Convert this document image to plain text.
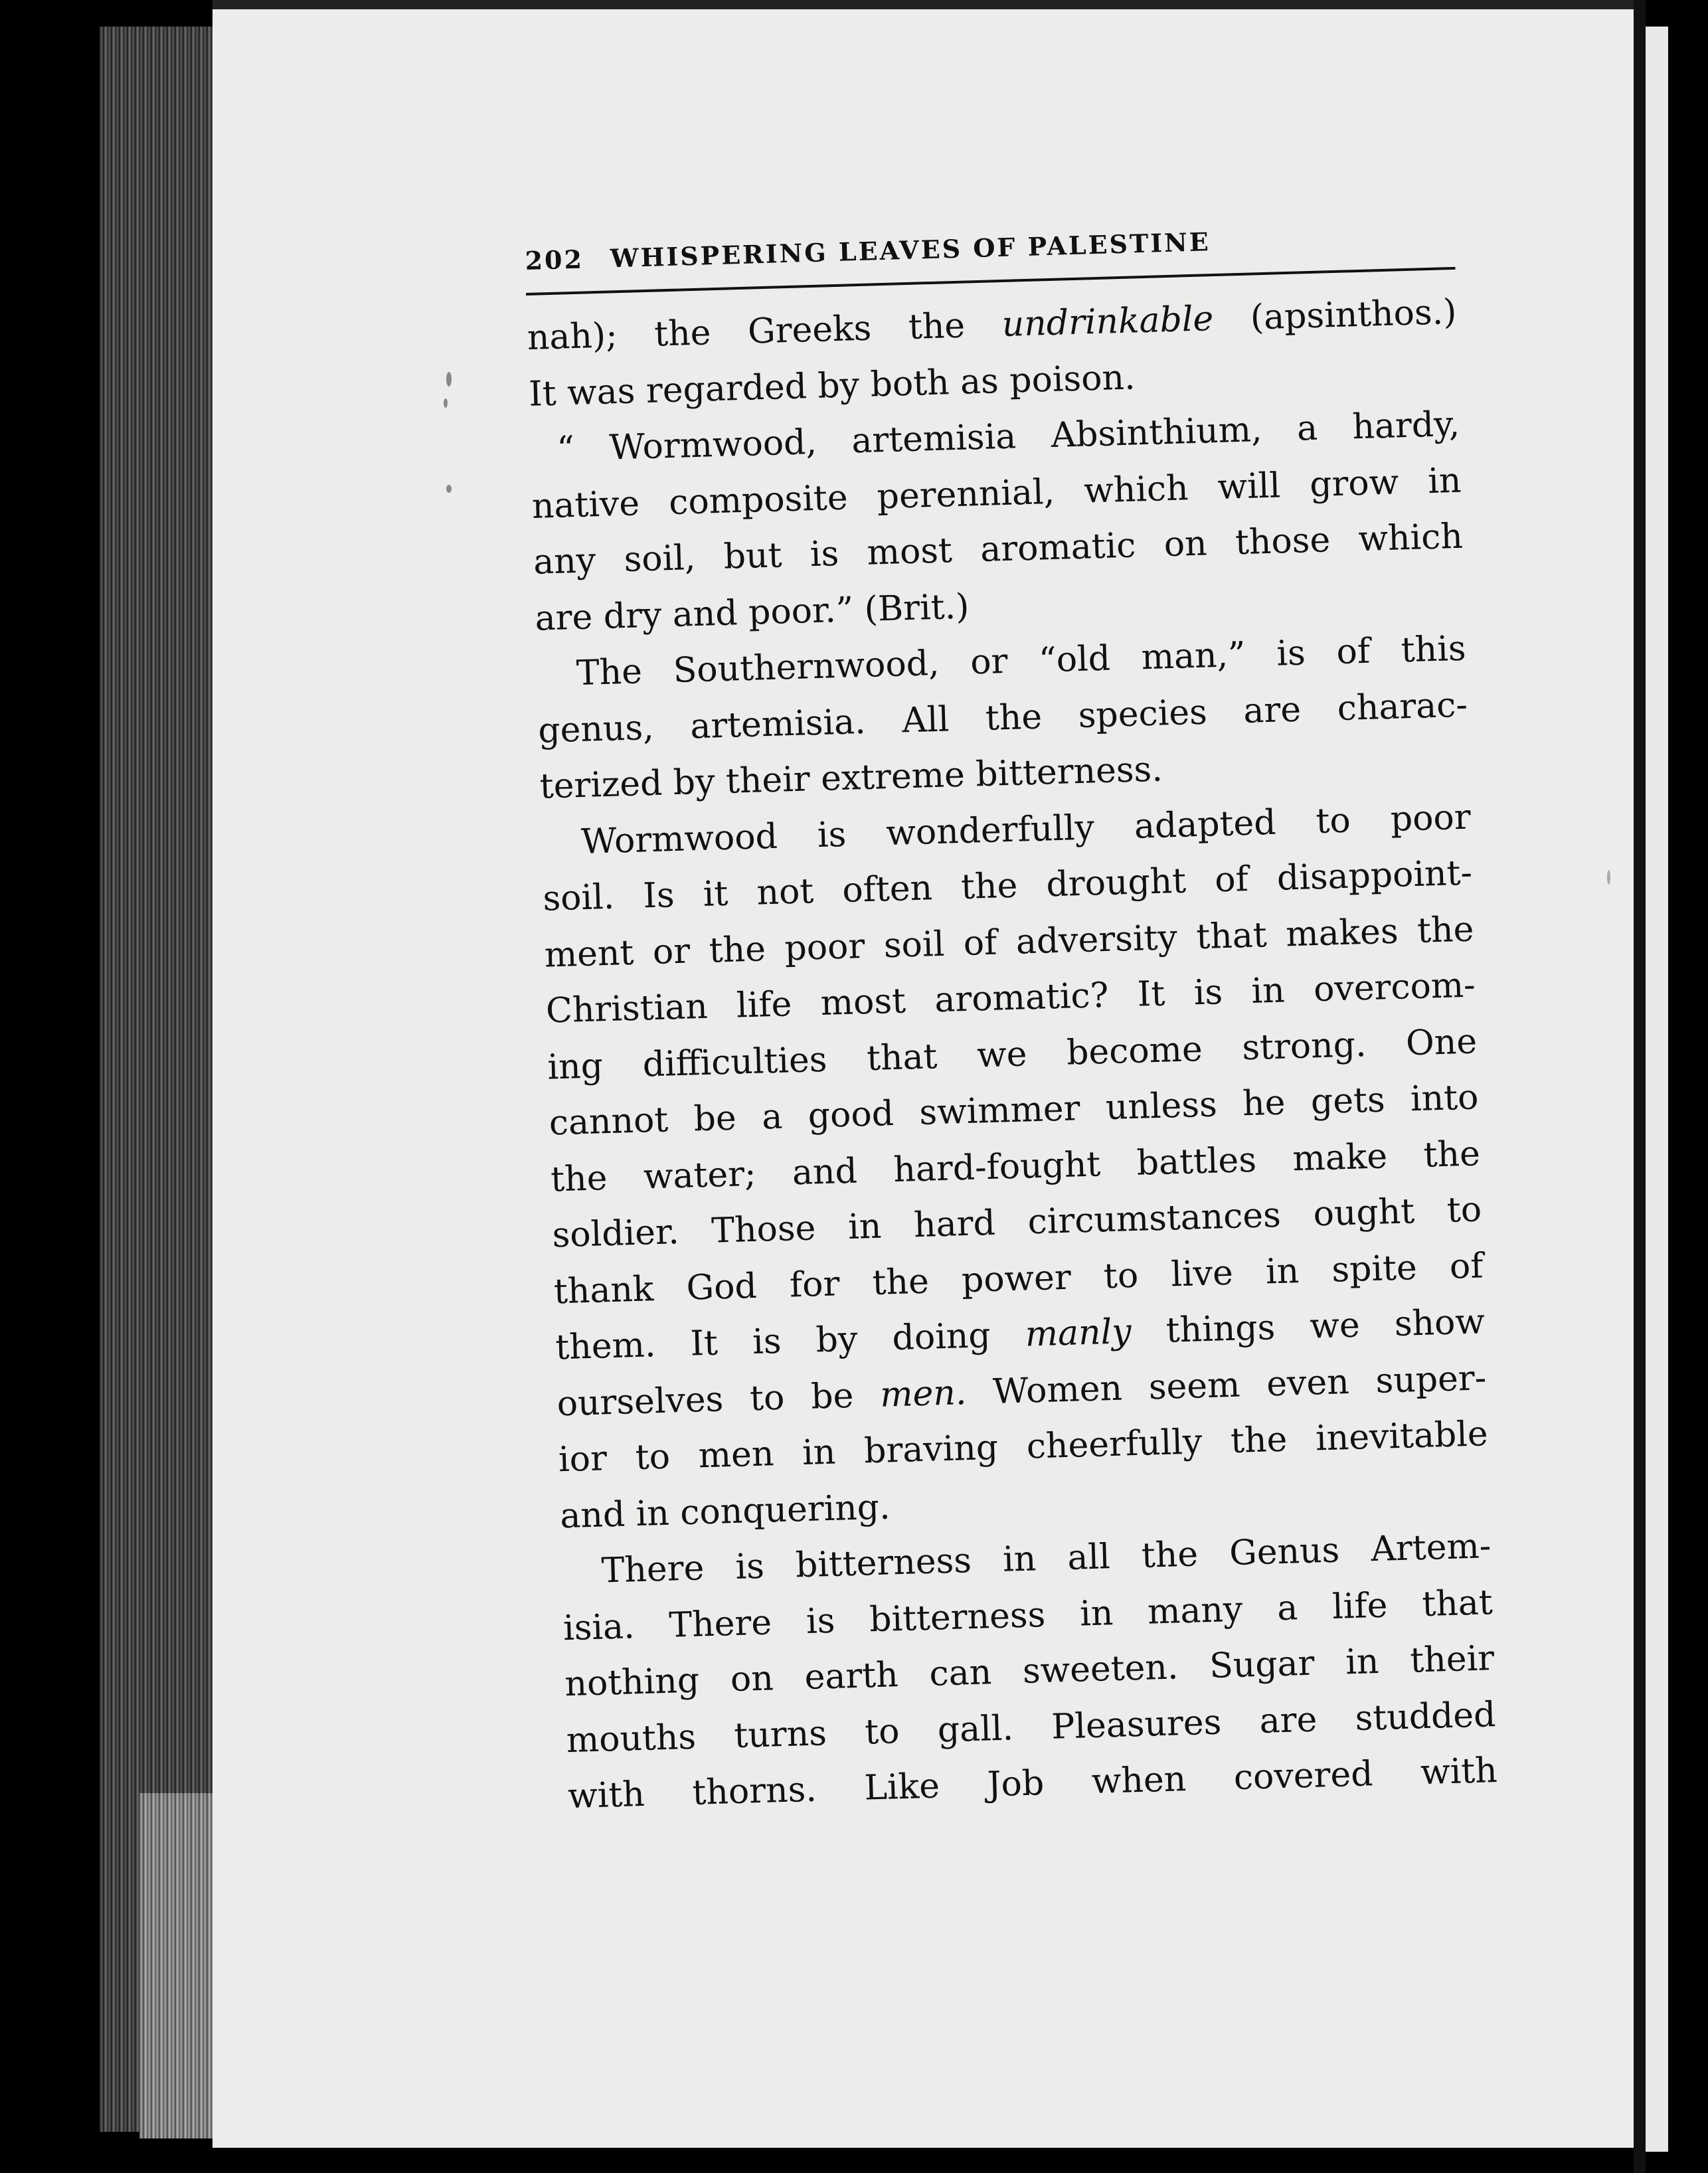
202 WHISPERING LEAVES OF PALESTINE
nah); the Greeks the undrinkable (apsinthos.)
It was regarded by both as poison.
“ Wormwood, artemisia Absinthium, a hardy,
native composite perennial, which will grow in
any soil, but is most aromatic on those which
are dry and poor.” (Brit.)
The Southernwood, or “old man,” is of this
genus, artemisia. All the species are charac-
terized by their extreme bitterness.
Wormwood is wonderfully adapted to poor
soil. Is it not often the drought of disappoint-
ment or the poor soil of adversity that makes the
Christian life most aromatic? It is in overcom-
ing difficulties that we become strong. One
cannot be a good swimmer unless he gets into
the water; and hard-fought battles make the
soldier. Those in hard circumstances ought to
thank God for the power to live in spite of
them. It is by doing manly things we show
ourselves to be men. Women seem even super-
ior to men in braving cheerfully the inevitable
and in conquering.
There is bitterness in all the Genus Artem-
isia. There is bitterness in many a life that
nothing on earth can sweeten. Sugar in their
mouths turns to gall. Pleasures are studded
with thorns. Like Job when covered with
